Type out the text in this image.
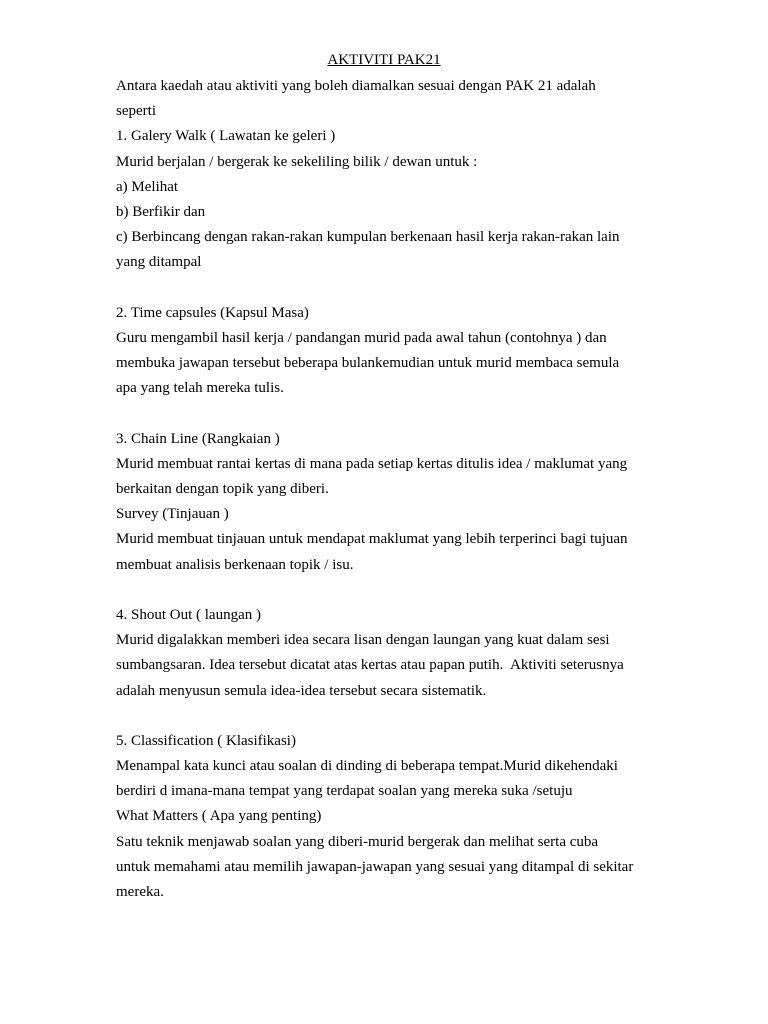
AKTIVITI PAK21
Antara kaedah atau aktiviti yang boleh diamalkan sesuai dengan PAK 21 adalah
seperti
1. Galery Walk ( Lawatan ke geleri )
Murid berjalan / bergerak ke sekeliling bilik / dewan untuk :
a) Melihat
b) Berfikir dan
c) Berbincang dengan rakan-rakan kumpulan berkenaan hasil kerja rakan-rakan lain
yang ditampal
2. Time capsules (Kapsul Masa)
Guru mengambil hasil kerja / pandangan murid pada awal tahun (contohnya ) dan
membuka jawapan tersebut beberapa bulankemudian untuk murid membaca semula
apa yang telah mereka tulis.
3. Chain Line (Rangkaian )
Murid membuat rantai kertas di mana pada setiap kertas ditulis idea / maklumat yang
berkaitan dengan topik yang diberi.
Survey (Tinjauan )
Murid membuat tinjauan untuk mendapat maklumat yang lebih terperinci bagi tujuan
membuat analisis berkenaan topik / isu.
4. Shout Out ( laungan )
Murid digalakkan memberi idea secara lisan dengan laungan yang kuat dalam sesi
sumbangsaran. Idea tersebut dicatat atas kertas atau papan putih.  Aktiviti seterusnya
adalah menyusun semula idea-idea tersebut secara sistematik.
5. Classification ( Klasifikasi)
Menampal kata kunci atau soalan di dinding di beberapa tempat.Murid dikehendaki
berdiri d imana-mana tempat yang terdapat soalan yang mereka suka /setuju
What Matters ( Apa yang penting)
Satu teknik menjawab soalan yang diberi-murid bergerak dan melihat serta cuba
untuk memahami atau memilih jawapan-jawapan yang sesuai yang ditampal di sekitar
mereka.
